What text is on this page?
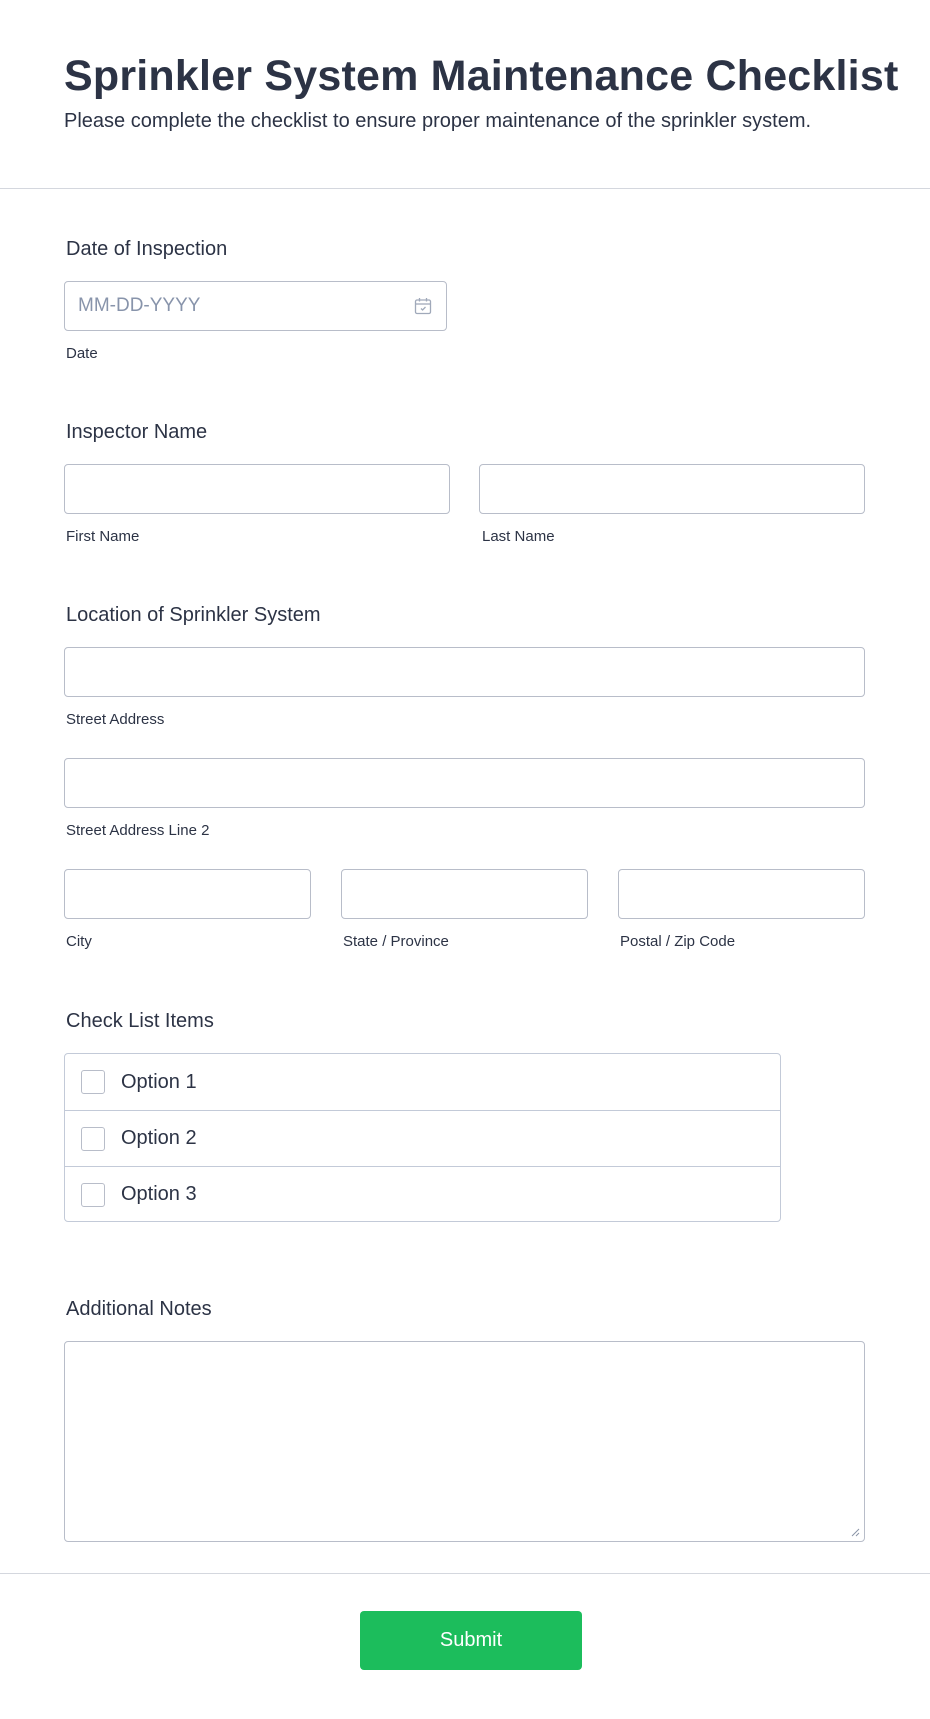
Sprinkler System Maintenance Checklist
Please complete the checklist to ensure proper maintenance of the sprinkler system.
Date of Inspection
MM-DD-YYYY
Date
Inspector Name
First Name	Last Name
Location of Sprinkler System
Street Address
Street Address Line 2
City	State / Province	Postal / Zip Code
Check List Items
Option 1
Option 2
Option 3
Additional Notes
Submit
